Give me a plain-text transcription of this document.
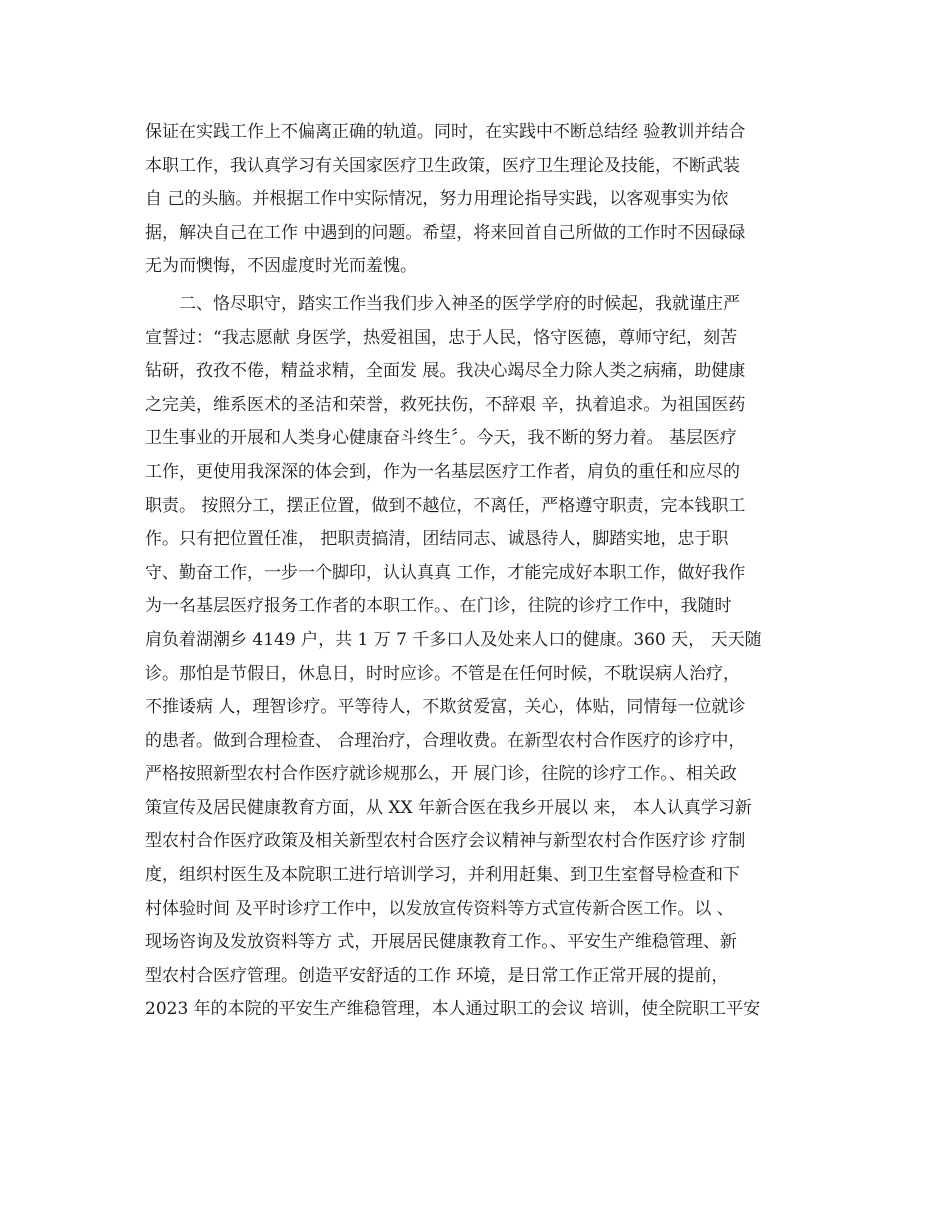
保证在实践工作上不偏离正确的轨道。同时，在实践中不断总结经 验教训并结合
本职工作，我认真学习有关国家医疗卫生政策，医疗卫生理论及技能，不断武装
自 己的头脑。并根据工作中实际情况，努力用理论指导实践，以客观事实为依
据，解决自己在工作 中遇到的问题。希望，将来回首自己所做的工作时不因碌碌
无为而懊悔，不因虚度时光而羞愧。
　　二、恪尽职守，踏实工作当我们步入神圣的医学学府的时候起，我就谨庄严
宣誓过：“我志愿献 身医学，热爱祖国，忠于人民，恪守医德，尊师守纪，刻苦
钻研，孜孜不倦，精益求精，全面发 展。我决心竭尽全力除人类之病痛，助健康
之完美，维系医术的圣洁和荣誉，救死扶伤，不辞艰 辛，执着追求。为祖国医药
卫生事业的开展和人类身心健康奋斗终生〞。今天，我不断的努力着。 基层医疗
工作，更使用我深深的体会到，作为一名基层医疗工作者，肩负的重任和应尽的
职责。 按照分工，摆正位置，做到不越位，不离任，严格遵守职责，完本钱职工
作。只有把位置任准， 把职责搞清，团结同志、诚恳待人，脚踏实地，忠于职
守、勤奋工作，一步一个脚印，认认真真 工作，才能完成好本职工作，做好我作
为一名基层医疗报务工作者的本职工作。、在门诊，往院的诊疗工作中，我随时
肩负着湖潮乡 4149 户，共 1 万 7 千多口人及处来人口的健康。360 天， 天天随
诊。那怕是节假日，休息日，时时应诊。不管是在任何时候，不耽误病人治疗，
不推诿病 人，理智诊疗。平等待人，不欺贫爱富，关心，体贴，同情每一位就诊
的患者。做到合理检查、 合理治疗，合理收费。在新型农村合作医疗的诊疗中，
严格按照新型农村合作医疗就诊规那么，开 展门诊，往院的诊疗工作。、相关政
策宣传及居民健康教育方面，从 XX 年新合医在我乡开展以 来， 本人认真学习新
型农村合作医疗政策及相关新型农村合医疗会议精神与新型农村合作医疗诊 疗制
度，组织村医生及本院职工进行培训学习，并利用赶集、到卫生室督导检查和下
村体验时间 及平时诊疗工作中，以发放宣传资料等方式宣传新合医工作。以 、
现场咨询及发放资料等方 式，开展居民健康教育工作。、平安生产维稳管理、新
型农村合医疗管理。创造平安舒适的工作 环境，是日常工作正常开展的提前，
2023 年的本院的平安生产维稳管理，本人通过职工的会议 培训，使全院职工平安
